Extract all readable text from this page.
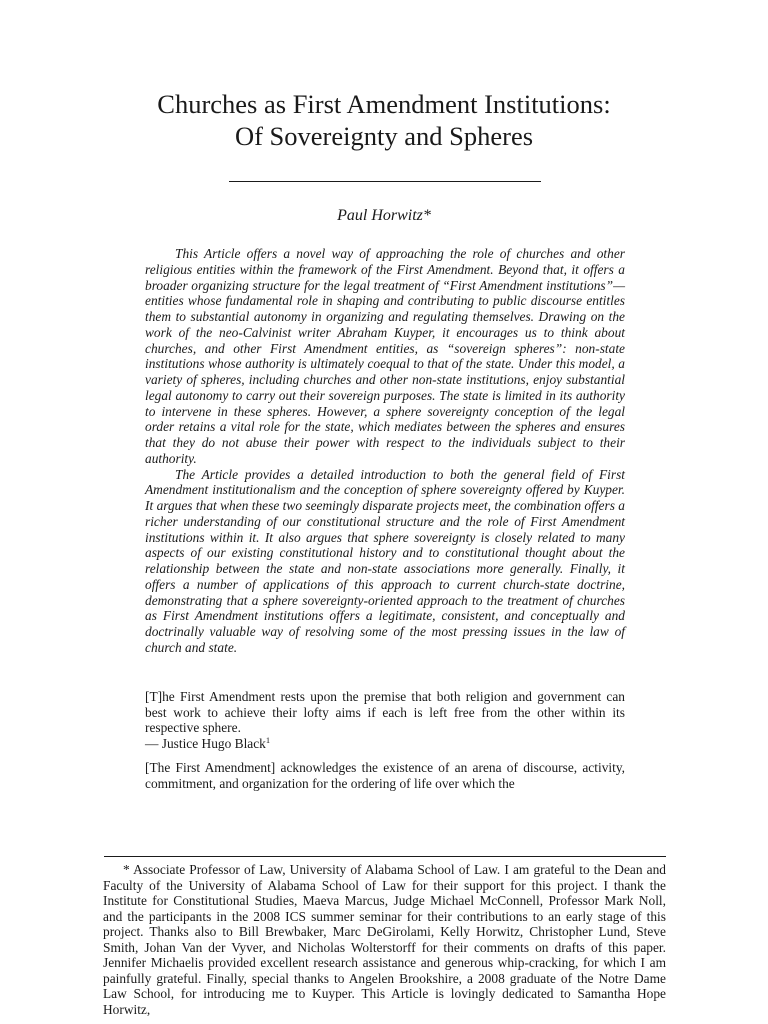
Churches as First Amendment Institutions:
Of Sovereignty and Spheres
Paul Horwitz*

This Article offers a novel way of approaching the role of churches and other religious entities within the framework of the First Amendment. Beyond that, it offers a broader organizing structure for the legal treatment of “First Amendment institutions”—entities whose fundamental role in shaping and contributing to public discourse entitles them to substantial autonomy in organizing and regulating themselves. Drawing on the work of the neo-Calvinist writer Abraham Kuyper, it encourages us to think about churches, and other First Amendment entities, as “sovereign spheres”: non-state institutions whose authority is ultimately coequal to that of the state. Under this model, a variety of spheres, including churches and other non-state institutions, enjoy substantial legal autonomy to carry out their sovereign purposes. The state is limited in its authority to intervene in these spheres. However, a sphere sovereignty conception of the legal order retains a vital role for the state, which mediates between the spheres and ensures that they do not abuse their power with respect to the individuals subject to their authority.

The Article provides a detailed introduction to both the general field of First Amendment institutionalism and the conception of sphere sovereignty offered by Kuyper. It argues that when these two seemingly disparate projects meet, the combination offers a richer understanding of our constitutional structure and the role of First Amendment institutions within it. It also argues that sphere sovereignty is closely related to many aspects of our existing constitutional history and to constitutional thought about the relationship between the state and non-state associations more generally. Finally, it offers a number of applications of this approach to current church-state doctrine, demonstrating that a sphere sovereignty-oriented approach to the treatment of churches as First Amendment institutions offers a legitimate, consistent, and conceptually and doctrinally valuable way of resolving some of the most pressing issues in the law of church and state.

[T]he First Amendment rests upon the premise that both religion and government can best work to achieve their lofty aims if each is left free from the other within its respective sphere.

— Justice Hugo Black$^1$

[The First Amendment] acknowledges the existence of an arena of discourse, activity, commitment, and organization for the ordering of life over which the

* Associate Professor of Law, University of Alabama School of Law. I am grateful to the Dean and Faculty of the University of Alabama School of Law for their support for this project. I thank the Institute for Constitutional Studies, Maeva Marcus, Judge Michael McConnell, Professor Mark Noll, and the participants in the 2008 ICS summer seminar for their contributions to an early stage of this project. Thanks also to Bill Brewbaker, Marc DeGirolami, Kelly Horwitz, Christopher Lund, Steve Smith, Johan Van der Vyver, and Nicholas Wolterstorff for their comments on drafts of this paper. Jennifer Michaelis provided excellent research assistance and generous whip-cracking, for which I am painfully grateful. Finally, special thanks to Angelen Brookshire, a 2008 graduate of the Notre Dame Law School, for introducing me to Kuyper. This Article is lovingly dedicated to Samantha Hope Horwitz,
